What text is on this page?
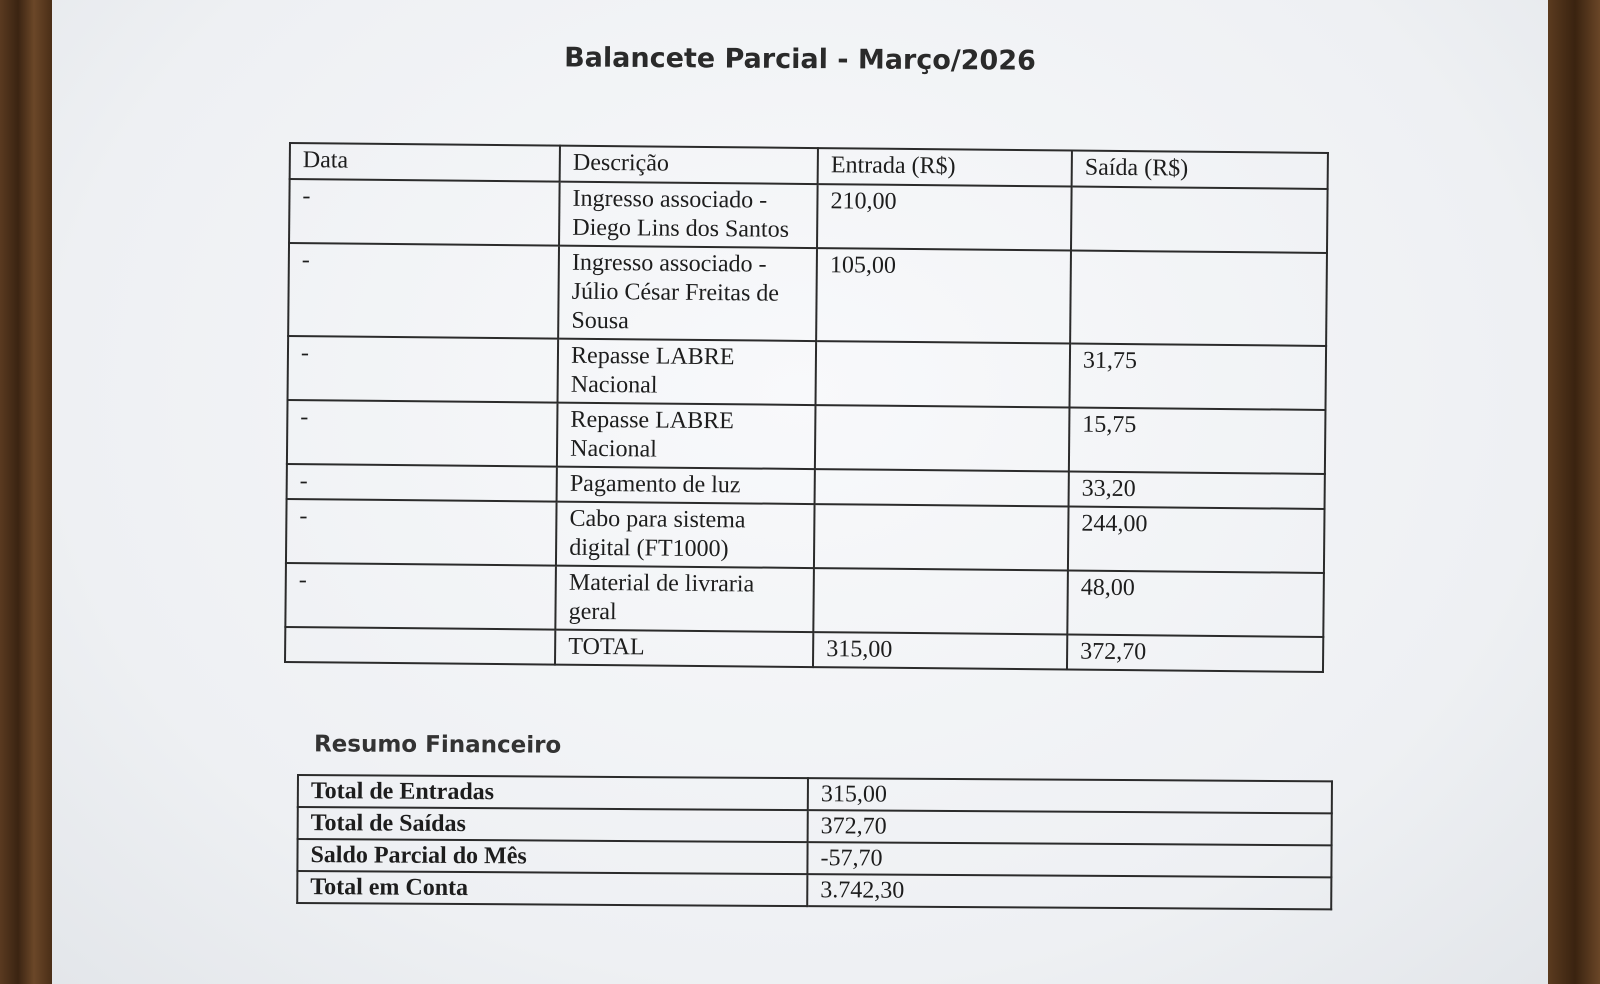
Balancete Parcial - Março/2026
Data	Descrição	Entrada (R$)	Saída (R$)
-	Ingresso associado - Diego Lins dos Santos	210,00	
-	Ingresso associado - Júlio César Freitas de Sousa	105,00	
-	Repasse LABRE Nacional		31,75
-	Repasse LABRE Nacional		15,75
-	Pagamento de luz		33,20
-	Cabo para sistema digital (FT1000)		244,00
-	Material de livraria geral		48,00
	TOTAL	315,00	372,70
Resumo Financeiro
Total de Entradas	315,00
Total de Saídas	372,70
Saldo Parcial do Mês	-57,70
Total em Conta	3.742,30
